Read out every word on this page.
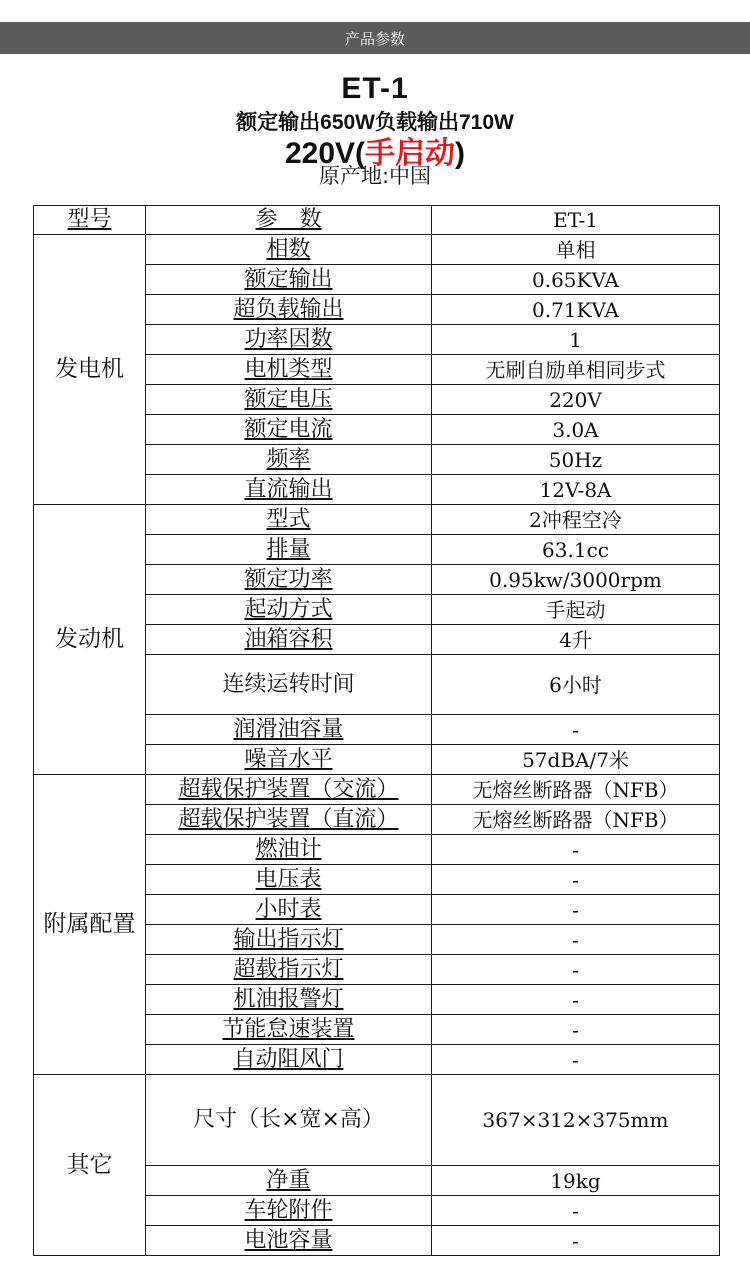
产品参数
ET-1
额定输出650W负载输出710W
220V(手启动)
原产地:中国
型号	参　数	ET-1
发电机	相数	单相
	额定输出	0.65KVA
	超负载输出	0.71KVA
	功率因数	1
	电机类型	无刷自励单相同步式
	额定电压	220V
	额定电流	3.0A
	频率	50Hz
	直流输出	12V-8A
发动机	型式	2冲程空冷
	排量	63.1cc
	额定功率	0.95kw/3000rpm
	起动方式	手起动
	油箱容积	4升
	连续运转时间	6小时
	润滑油容量	-
	噪音水平	57dBA/7米
附属配置	超载保护装置（交流）	无熔丝断路器（NFB）
	超载保护装置（直流）	无熔丝断路器（NFB）
	燃油计	-
	电压表	-
	小时表	-
	输出指示灯	-
	超载指示灯	-
	机油报警灯	-
	节能怠速装置	-
	自动阻风门	-
其它	尺寸（长×宽×高）	367×312×375mm
	净重	19kg
	车轮附件	-
	电池容量	-
